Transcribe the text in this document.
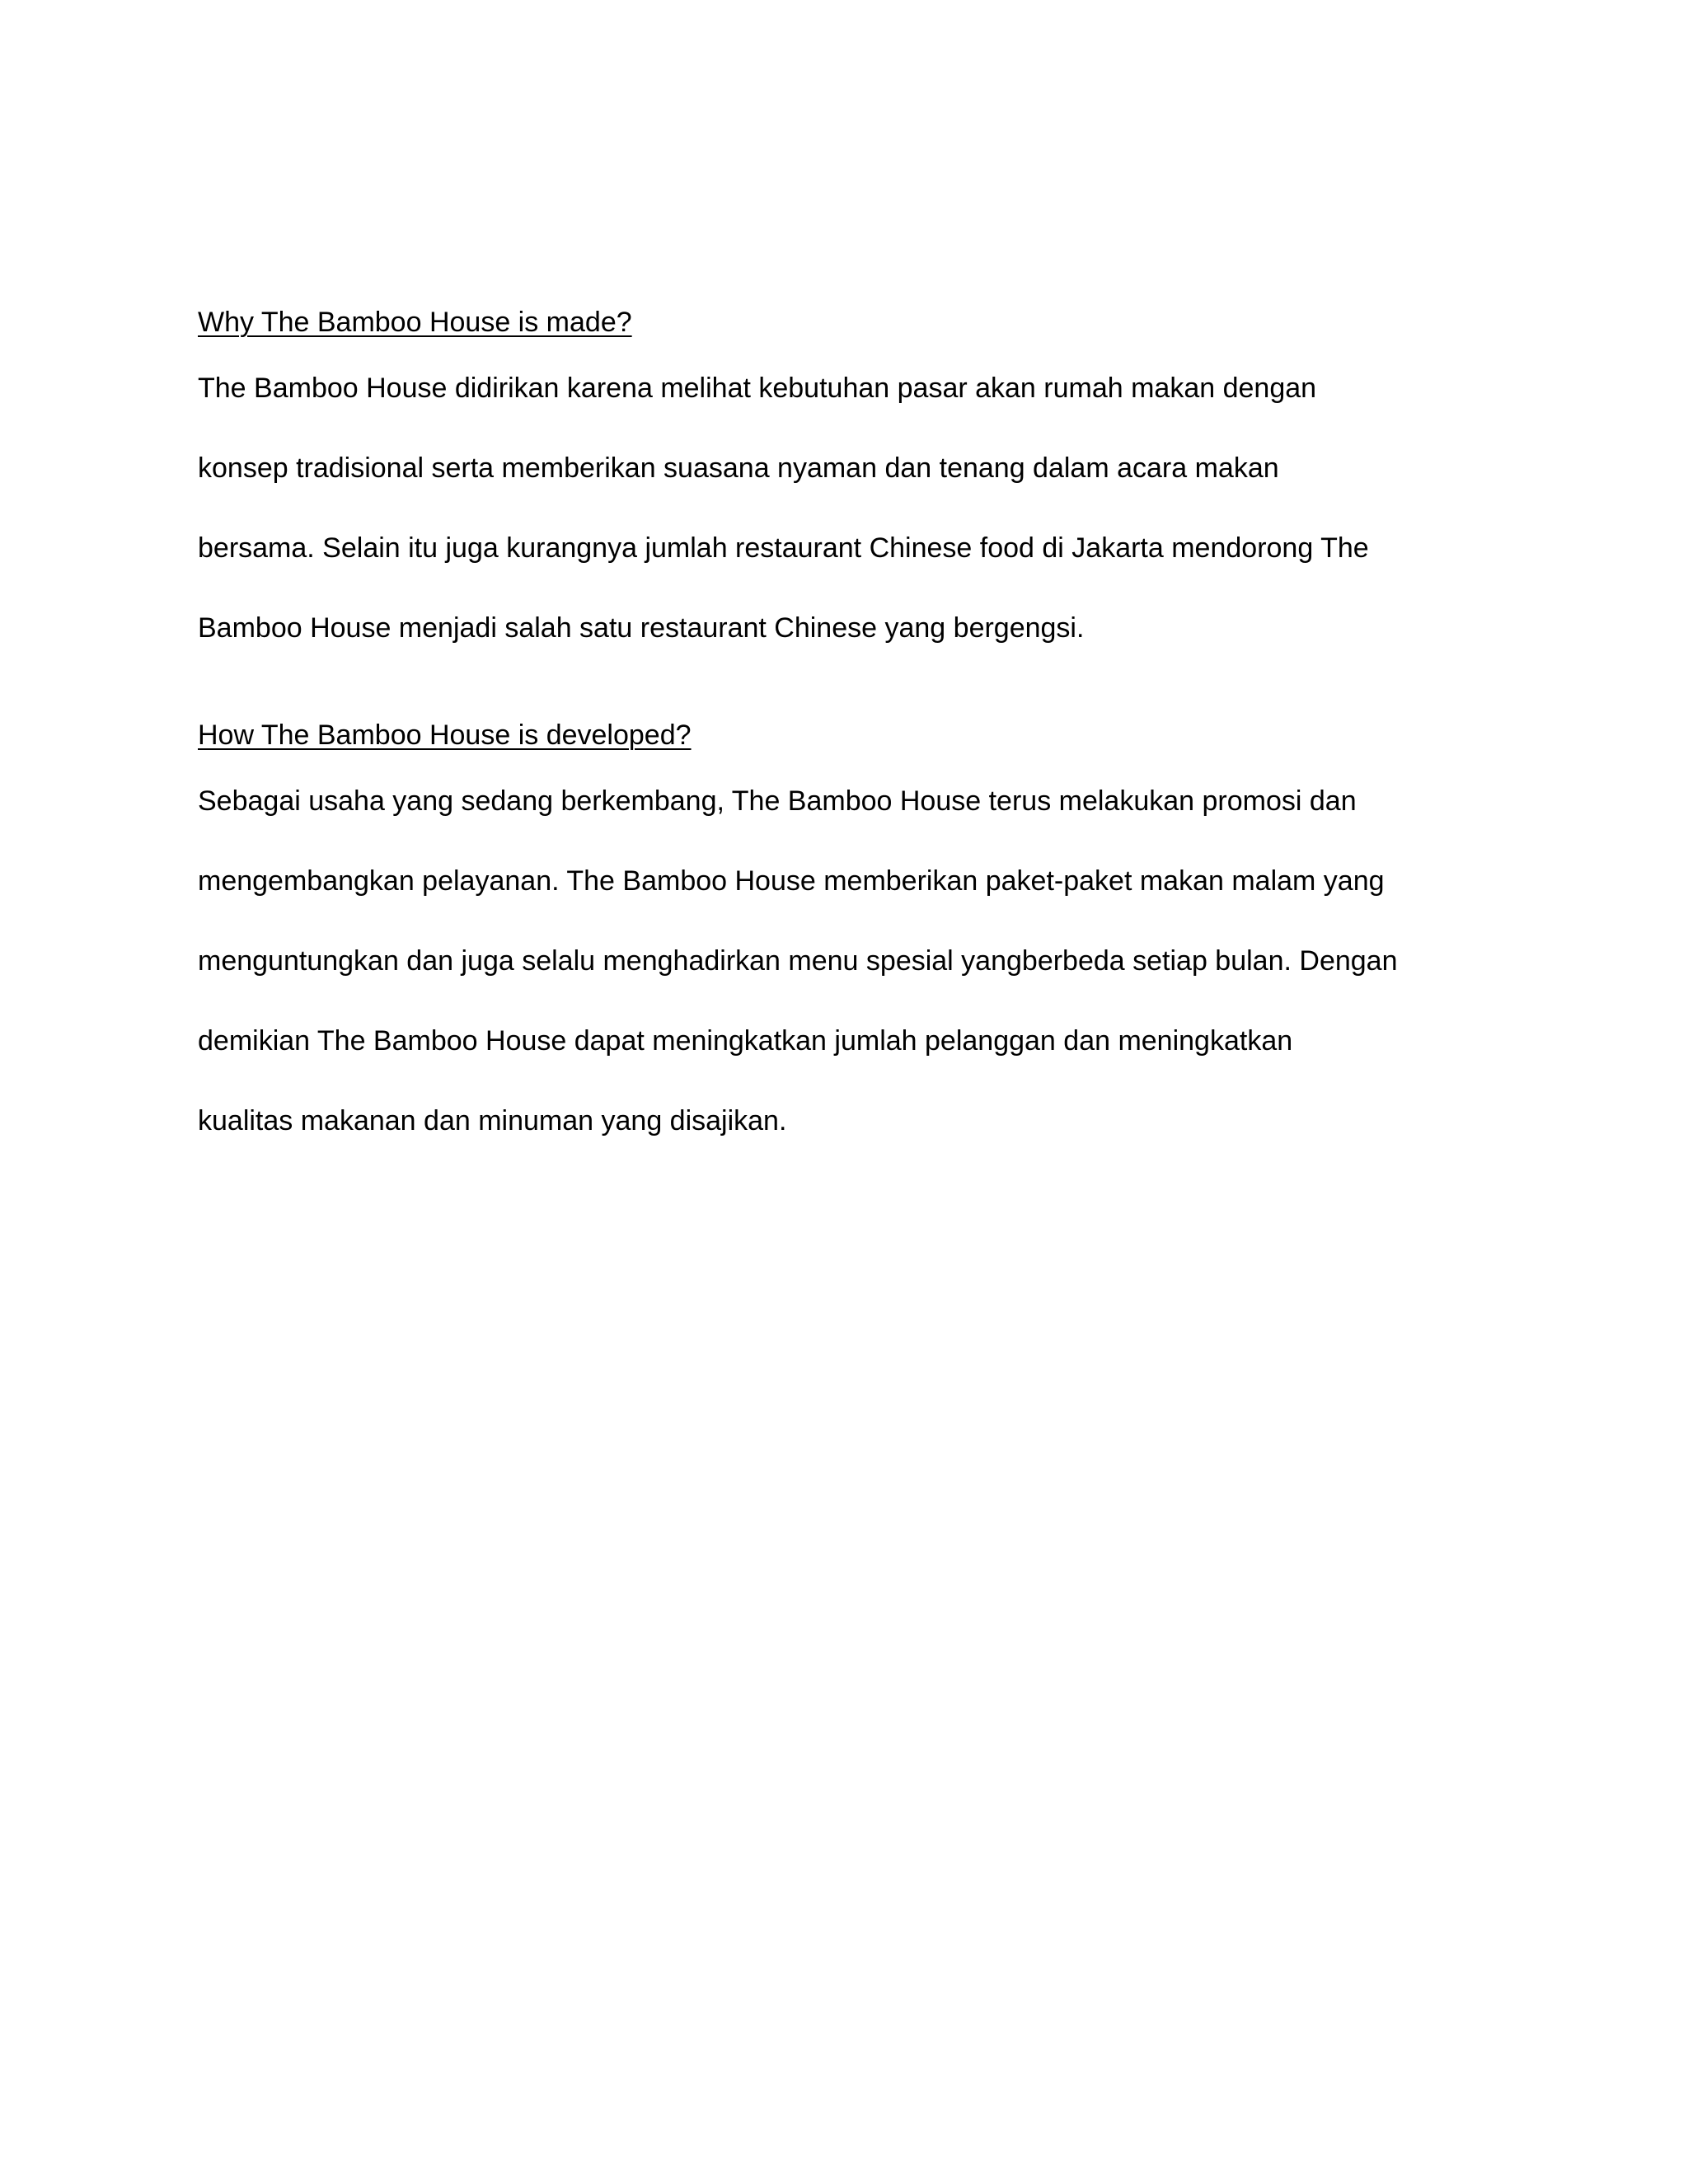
Why The Bamboo House is made?

The Bamboo House didirikan karena melihat kebutuhan pasar akan rumah makan dengan

konsep tradisional serta memberikan suasana nyaman dan tenang dalam acara makan

bersama. Selain itu juga kurangnya jumlah restaurant Chinese food di Jakarta mendorong The

Bamboo House menjadi salah satu restaurant Chinese yang bergengsi.

How The Bamboo House is developed?

Sebagai usaha yang sedang berkembang, The Bamboo House terus melakukan promosi dan

mengembangkan pelayanan. The Bamboo House memberikan paket-paket makan malam yang

menguntungkan dan juga selalu menghadirkan menu spesial yangberbeda setiap bulan. Dengan

demikian The Bamboo House dapat meningkatkan jumlah pelanggan dan meningkatkan

kualitas makanan dan minuman yang disajikan.
